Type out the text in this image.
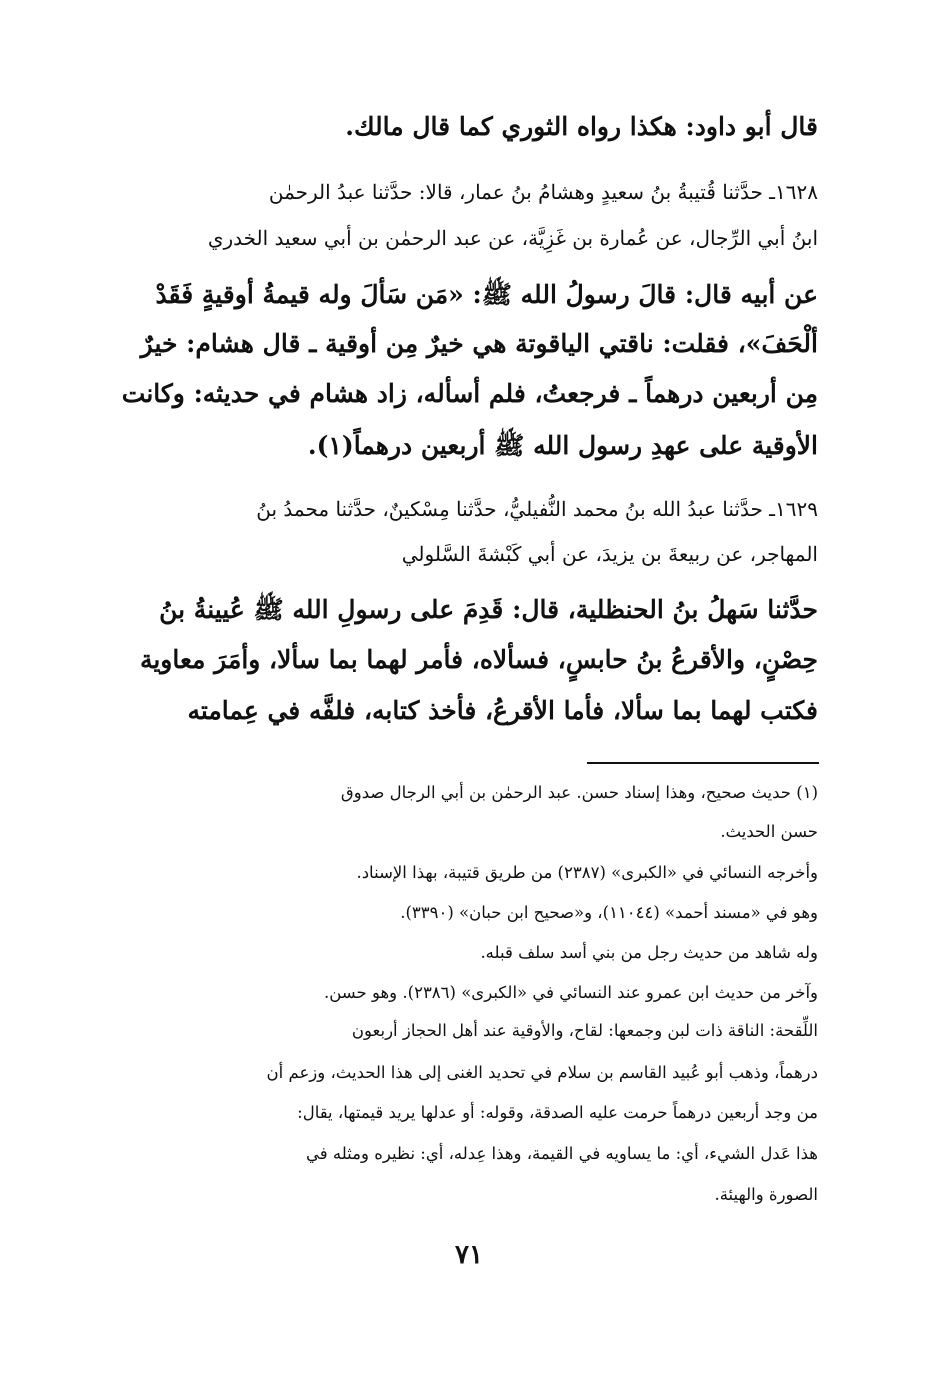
قال أبو داود: هكذا رواه الثوري كما قال مالك.

١٦٢٨ـ حدَّثنا قُتيبةُ بنُ سعيدٍ وهشامُ بنُ عمار، قالا: حدَّثنا عبدُ الرحمٰن

ابنُ أبي الرِّجال، عن عُمارة بن غَزِيَّة، عن عبد الرحمٰن بن أبي سعيد الخدري

عن أبيه قال: قالَ رسولُ الله ﷺ: «مَن سَألَ وله قيمةُ أوقيةٍ فَقَدْ

ألْحَفَ»، فقلت: ناقتي الياقوتة هي خيرٌ مِن أوقية ـ قال هشام: خيرٌ

مِن أربعين درهماً ـ فرجعتُ، فلم أسأله، زاد هشام في حديثه: وكانت

الأوقية على عهدِ رسول الله ﷺ أربعين درهماً(١).

١٦٢٩ـ حدَّثنا عبدُ الله بنُ محمد النُّفيليُّ، حدَّثنا مِسْكينٌ، حدَّثنا محمدُ بنُ

المهاجر، عن ربيعةَ بن يزيدَ، عن أبي كَبْشةَ السَّلولي

حدَّثنا سَهلُ بنُ الحنظلية، قال: قَدِمَ على رسولِ الله ﷺ عُيينةُ بنُ

حِصْنٍ، والأقرعُ بنُ حابسٍ، فسألاه، فأمر لهما بما سألا، وأمَرَ معاوية

فكتب لهما بما سألا، فأما الأقرعُ، فأخذ كتابه، فلفَّه في عِمامته

(١) حديث صحيح، وهذا إسناد حسن. عبد الرحمٰن بن أبي الرجال صدوق

حسن الحديث.

وأخرجه النسائي في «الكبرى» (٢٣٨٧) من طريق قتيبة، بهذا الإسناد.

وهو في «مسند أحمد» (١١٠٤٤)، و«صحيح ابن حبان» (٣٣٩٠).

وله شاهد من حديث رجل من بني أسد سلف قبله.

وآخر من حديث ابن عمرو عند النسائي في «الكبرى» (٢٣٨٦). وهو حسن.

اللِّقحة: الناقة ذات لبن وجمعها: لقاح، والأوقية عند أهل الحجاز أربعون

درهماً، وذهب أبو عُبيد القاسم بن سلام في تحديد الغنى إلى هذا الحديث، وزعم أن

من وجد أربعين درهماً حرمت عليه الصدقة، وقوله: أو عدلها يريد قيمتها، يقال:

هذا عَدل الشيء، أي: ما يساويه في القيمة، وهذا عِدله، أي: نظيره ومثله في

الصورة والهيئة.

٧١
